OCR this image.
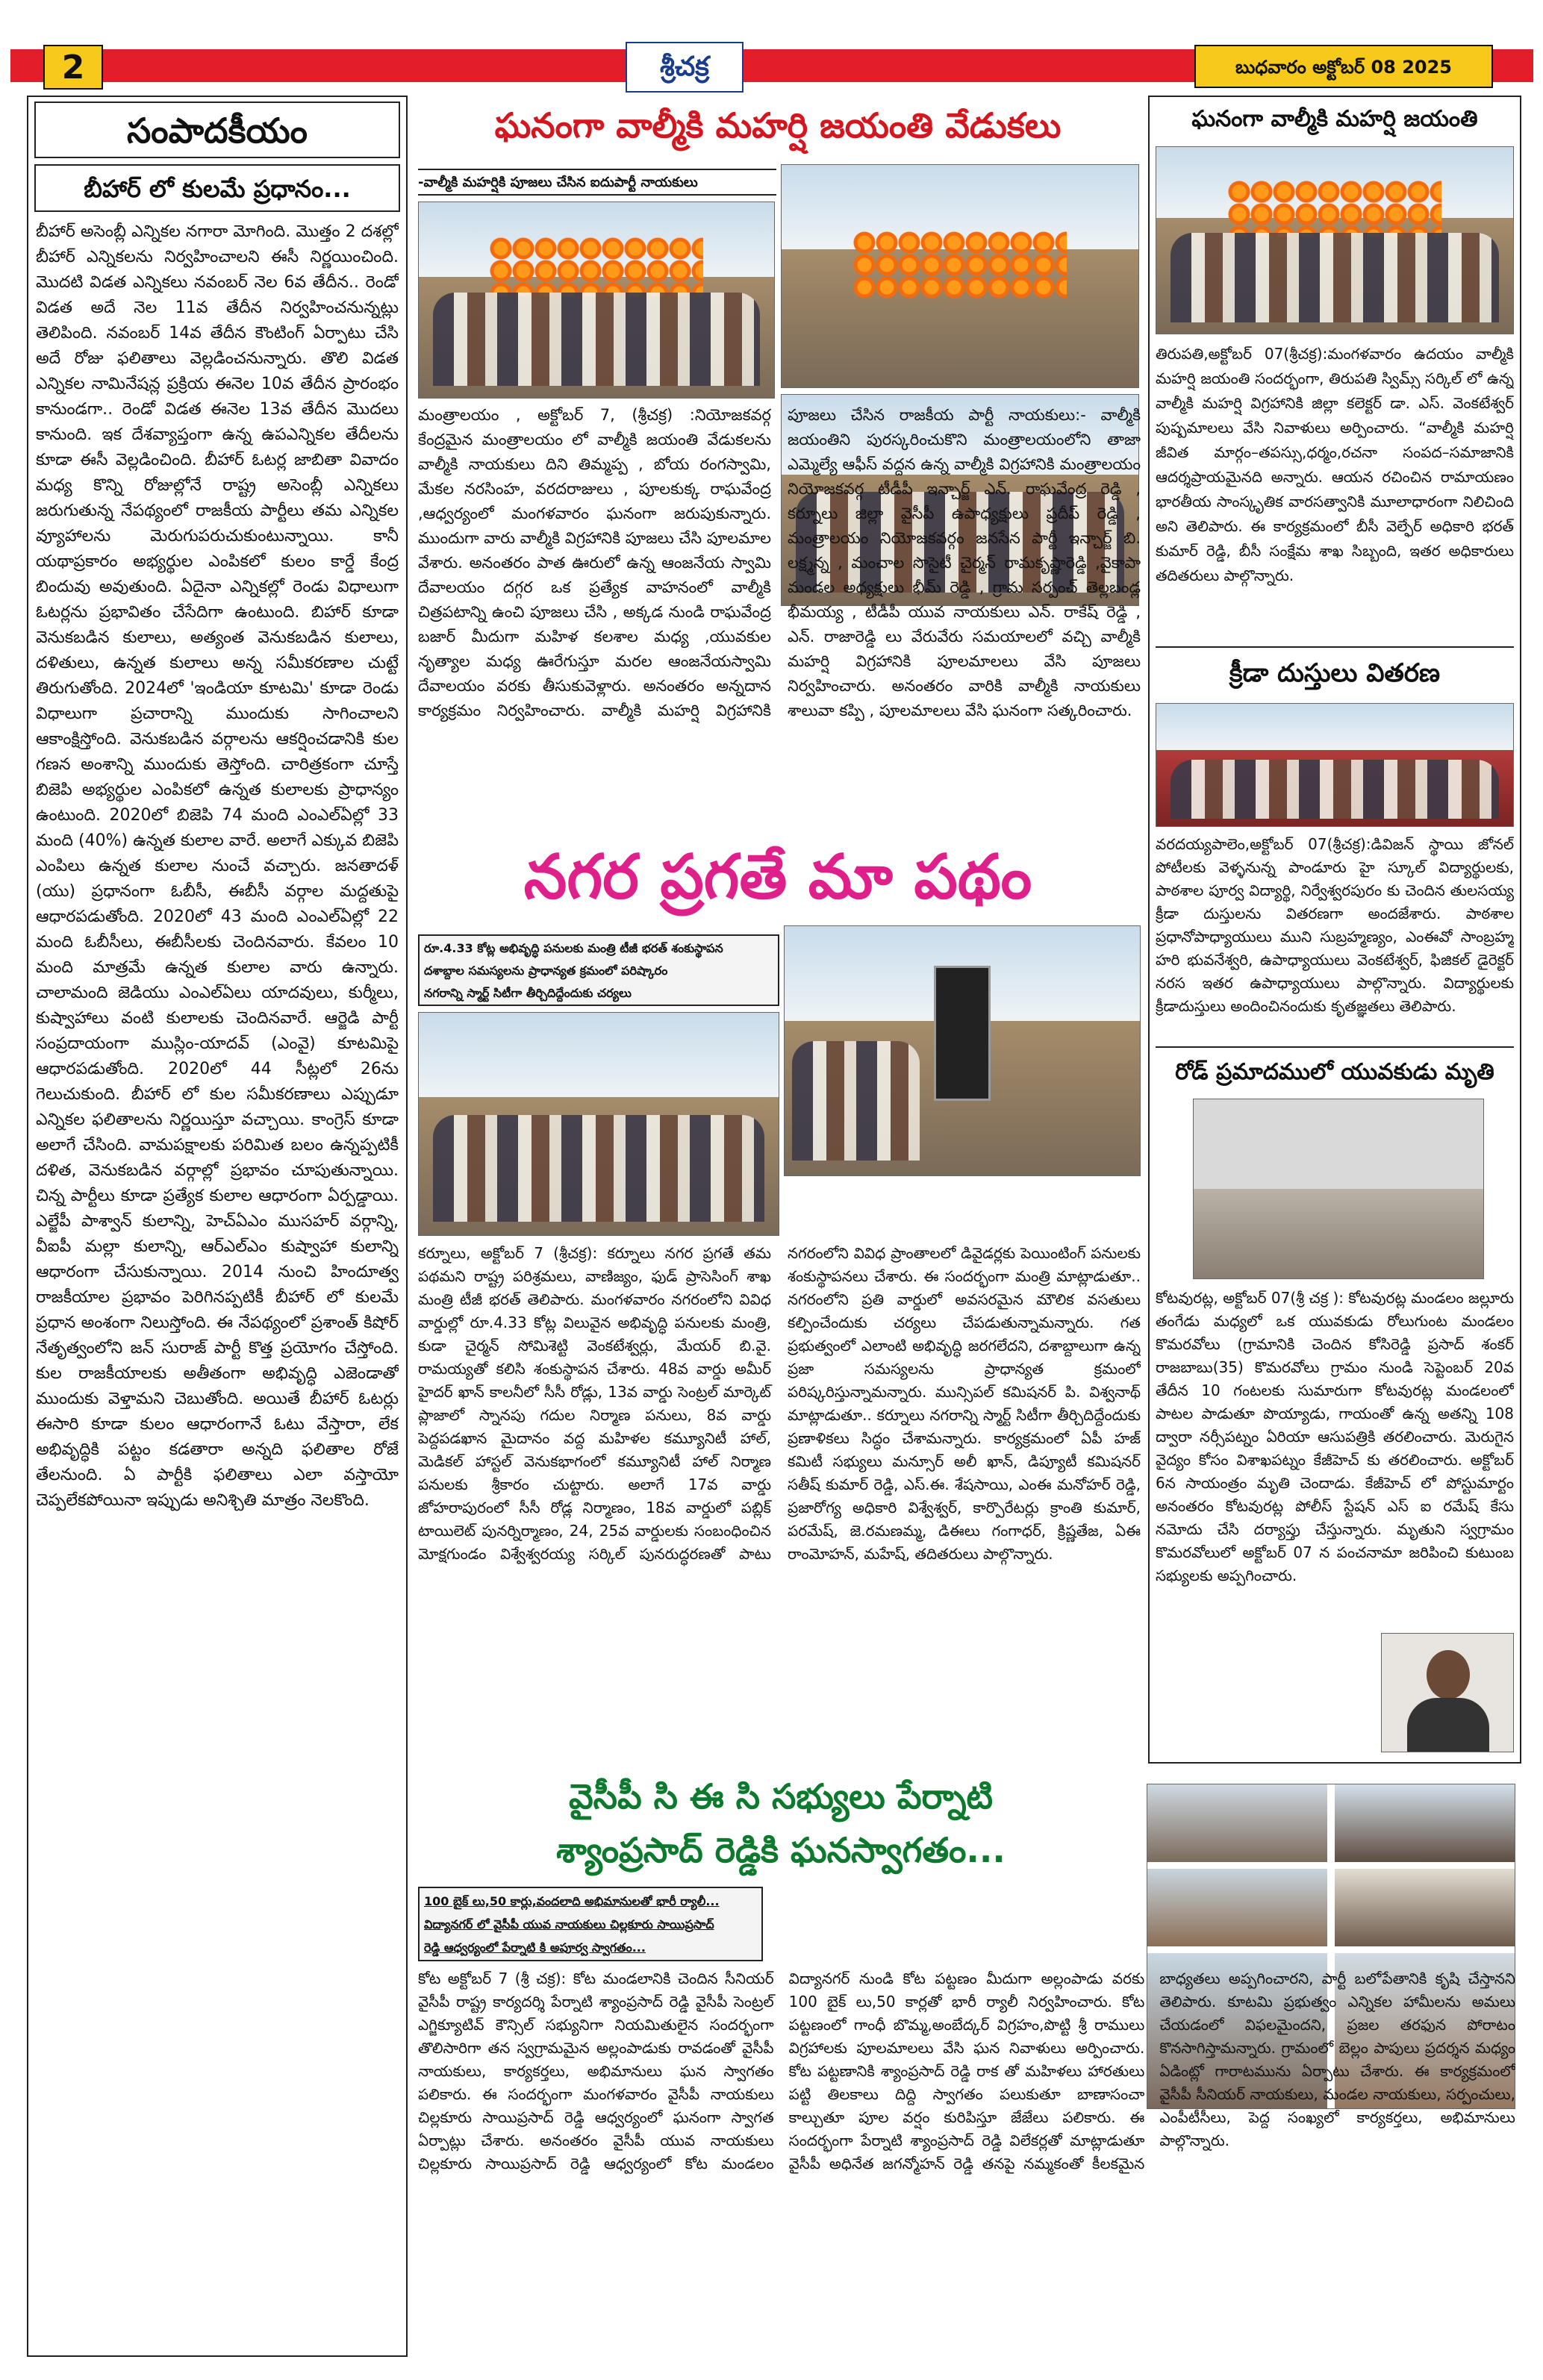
2	శ్రీచక్ర	బుధవారం అక్టోబర్ 08 2025
సంపాదకీయం
బీహార్ లో కులమే ప్రధానం...
బీహార్ అసెంబ్లీ ఎన్నికల నగారా మోగింది. మొత్తం 2 దశల్లో బీహార్ ఎన్నికలను నిర్వహించాలని ఈసీ నిర్ణయించింది. మొదటి విడత ఎన్నికలు నవంబర్ నెల 6వ తేదీన.. రెండో విడత అదే నెల 11వ తేదీన నిర్వహించనున్నట్లు తెలిపింది. నవంబర్ 14వ తేదీన కౌంటింగ్ ఏర్పాటు చేసి అదే రోజు ఫలితాలు వెల్లడించనున్నారు. తొలి విడత ఎన్నికల నామినేషన్ల ప్రక్రియ ఈనెల 10వ తేదీన ప్రారంభం కానుండగా.. రెండో విడత ఈనెల 13వ తేదీన మొదలు కానుంది. ఇక దేశవ్యాప్తంగా ఉన్న ఉపఎన్నికల తేదీలను కూడా ఈసీ వెల్లడించింది. బీహార్ ఓటర్ల జాబితా వివాదం మధ్య కొన్ని రోజుల్లోనే రాష్ట్ర అసెంబ్లీ ఎన్నికలు జరుగుతున్న నేపథ్యంలో రాజకీయ పార్టీలు తమ ఎన్నికల వ్యూహాలను మెరుగుపరుచుకుంటున్నాయి. కానీ యథాప్రకారం అభ్యర్థుల ఎంపికలో కులం కార్డే కేంద్ర బిందువు అవుతుంది. ఏదైనా ఎన్నికల్లో రెండు విధాలుగా ఓటర్లను ప్రభావితం చేసేదిగా ఉంటుంది. బిహార్ కూడా వెనుకబడిన కులాలు, అత్యంత వెనుకబడిన కులాలు, దళితులు, ఉన్నత కులాలు అన్న సమీకరణాల చుట్టే తిరుగుతోంది. 2024లో 'ఇండియా కూటమి' కూడా రెండు విధాలుగా ప్రచారాన్ని ముందుకు సాగించాలని ఆకాంక్షిస్తోంది. వెనుకబడిన వర్గాలను ఆకర్షించడానికి కుల గణన అంశాన్ని ముందుకు తెస్తోంది. చారిత్రకంగా చూస్తే బిజెపి అభ్యర్థుల ఎంపికలో ఉన్నత కులాలకు ప్రాధాన్యం ఉంటుంది. 2020లో బిజెపి 74 మంది ఎంఎల్ఏల్లో 33 మంది (40%) ఉన్నత కులాల వారే. అలాగే ఎక్కువ బిజెపి ఎంపిలు ఉన్నత కులాల నుంచే వచ్చారు. జనతాదళ్ (యు) ప్రధానంగా ఓబీసీ, ఈబీసీ వర్గాల మద్దతుపై ఆధారపడుతోంది. 2020లో 43 మంది ఎంఎల్ఏల్లో 22 మంది ఓబీసీలు, ఈబీసీలకు చెందినవారు. కేవలం 10 మంది మాత్రమే ఉన్నత కులాల వారు ఉన్నారు. చాలామంది జెడియు ఎంఎల్ఏలు యాదవులు, కుర్మీలు, కుష్వాహాలు వంటి కులాలకు చెందినవారే. ఆర్జెడి పార్టీ సంప్రదాయంగా ముస్లిం-యాదవ్ (ఎంవై) కూటమిపై ఆధారపడుతోంది. 2020లో 44 సీట్లలో 26ను గెలుచుకుంది. బీహార్ లో కుల సమీకరణాలు ఎప్పుడూ ఎన్నికల ఫలితాలను నిర్ణయిస్తూ వచ్చాయి. కాంగ్రెస్ కూడా అలాగే చేసింది. వామపక్షాలకు పరిమిత బలం ఉన్నప్పటికీ దళిత, వెనుకబడిన వర్గాల్లో ప్రభావం చూపుతున్నాయి. చిన్న పార్టీలు కూడా ప్రత్యేక కులాల ఆధారంగా ఏర్పడ్డాయి. ఎల్జేపీ పాశ్వాన్ కులాన్ని, హెచ్ఏఎం ముసహర్ వర్గాన్ని, వీఐపీ మల్లా కులాన్ని, ఆర్ఎల్ఎం కుష్వాహా కులాన్ని ఆధారంగా చేసుకున్నాయి. 2014 నుంచి హిందూత్వ రాజకీయాల ప్రభావం పెరిగినప్పటికీ బీహార్ లో కులమే ప్రధాన అంశంగా నిలుస్తోంది. ఈ నేపథ్యంలో ప్రశాంత్ కిషోర్ నేతృత్వంలోని జన్ సురాజ్ పార్టీ కొత్త ప్రయోగం చేస్తోంది. కుల రాజకీయాలకు అతీతంగా అభివృద్ధి ఎజెండాతో ముందుకు వెళ్తామని చెబుతోంది. అయితే బీహార్ ఓటర్లు ఈసారి కూడా కులం ఆధారంగానే ఓటు వేస్తారా, లేక అభివృద్ధికి పట్టం కడతారా అన్నది ఫలితాల రోజే తేలనుంది. ఏ పార్టీకి ఫలితాలు ఎలా వస్తాయో చెప్పలేకపోయినా ఇప్పుడు అనిశ్చితి మాత్రం నెలకొంది.
ఘనంగా వాల్మీకి మహర్షి జయంతి వేడుకలు
-వాల్మీకి మహర్షికి పూజలు చేసిన ఐదుపార్టీ నాయకులు
మంత్రాలయం , అక్టోబర్ 7, (శ్రీచక్ర) :నియోజకవర్గ కేంద్రమైన మంత్రాలయం లో వాల్మీకి జయంతి వేడుకలను వాల్మీకి నాయకులు దిని తిమ్మప్ప , బోయ రంగస్వామి, మేకల నరసింహ, వరదరాజులు , పూలకుక్క రాఘవేంద్ర ,ఆధ్వర్యంలో మంగళవారం ఘనంగా జరుపుకున్నారు. ముందుగా వారు వాల్మీకి విగ్రహానికి పూజలు చేసి పూలమాల వేశారు. అనంతరం పాత ఊరులో ఉన్న ఆంజనేయ స్వామి దేవాలయం దగ్గర ఒక ప్రత్యేక వాహనంలో వాల్మీకి చిత్రపటాన్ని ఉంచి పూజలు చేసి , అక్కడ నుండి రాఘవేంద్ర బజార్ మీదుగా మహిళ కలశాల మధ్య ,యువకుల నృత్యాల మధ్య ఊరేగుస్తూ మరల ఆంజనేయస్వామి దేవాలయం వరకు తీసుకువెళ్లారు. అనంతరం అన్నదాన కార్యక్రమం నిర్వహించారు. వాల్మీకి మహర్షి విగ్రహానికి పూజలు చేసిన రాజకీయ పార్టీ నాయకులు:- వాల్మీకి జయంతిని పురస్కరించుకొని మంత్రాలయంలోని తాజా ఎమ్మెల్యే ఆఫీస్ వద్దన ఉన్న వాల్మీకి విగ్రహానికి మంత్రాలయం నియోజకవర్గ టీడీపీ ఇన్చార్జ్ ఎన్. రాఘవేంద్ర రెడ్డి , కర్నూలు జిల్లా వైసీపీ ఉపాధ్యక్షులు ప్రదీప్ రెడ్డి , మంత్రాలయం నియోజకవర్గం జనసేన పార్టీ ఇన్చార్జ్ బి. లక్ష్మన్న , మంచాల సొసైటీ చైర్మన్ రామకృష్ణారెడ్డి ,వైకాపా మండల అధ్యక్షులు భీమ్ రెడ్డి , గ్రామ సర్పంచ్ తెల్లబండ్ల భీమయ్య , టీడీపీ యువ నాయకులు ఎన్. రాకేష్ రెడ్డి , ఎన్. రాజారెడ్డి లు వేరువేరు సమయాలలో వచ్చి వాల్మీకి మహర్షి విగ్రహానికి పూలమాలలు వేసి పూజలు నిర్వహించారు. అనంతరం వారికి వాల్మీకి నాయకులు శాలువా కప్పి , పూలమాలలు వేసి ఘనంగా సత్కరించారు.
ఘనంగా వాల్మీకి మహర్షి జయంతి
తిరుపతి,అక్టోబర్ 07(శ్రీచక్ర):మంగళవారం ఉదయం వాల్మీకి మహర్షి జయంతి సందర్భంగా, తిరుపతి స్విమ్స్ సర్కిల్ లో ఉన్న వాల్మీకి మహర్షి విగ్రహానికి జిల్లా కలెక్టర్ డా. ఎస్. వెంకటేశ్వర్ పుష్పమాలలు వేసి నివాళులు అర్పించారు. “వాల్మీకి మహర్షి జీవిత మార్గం–తపస్సు,ధర్మం,రచనా సంపద–సమాజానికి ఆదర్శప్రాయమైనది అన్నారు. ఆయన రచించిన రామాయణం భారతీయ సాంస్కృతిక వారసత్వానికి మూలాధారంగా నిలిచింది అని తెలిపారు. ఈ కార్యక్రమంలో బీసీ వెల్ఫేర్ అధికారి భరత్ కుమార్ రెడ్డి, బీసీ సంక్షేమ శాఖ సిబ్బంది, ఇతర అధికారులు తదితరులు పాల్గొన్నారు.
క్రీడా దుస్తులు వితరణ
వరదయ్యపాలెం,అక్టోబర్ 07(శ్రీచక్ర):డివిజన్ స్థాయి జోనల్ పోటీలకు వెళ్ళనున్న పాండూరు హై స్కూల్ విద్యార్థులకు, పాఠశాల పూర్వ విద్యార్థి, నిర్వేశ్వరపురం కు చెందిన తులసయ్య క్రీడా దుస్తులను వితరణగా అందజేశారు. పాఠశాల ప్రధానోపాధ్యాయులు ముని సుబ్రహ్మణ్యం, ఎంఈవో సాంబ్రహ్మ హరి భువనేశ్వరి, ఉపాధ్యాయులు వెంకటేశ్వర్, ఫిజికల్ డైరెక్టర్ నరస ఇతర ఉపాధ్యాయులు పాల్గొన్నారు. విద్యార్థులకు క్రీడాదుస్తులు అందించినందుకు కృతజ్ఞతలు తెలిపారు.
రోడ్ ప్రమాదములో యువకుడు మృతి
కోటవురట్ల, అక్టోబర్ 07(శ్రీ చక్ర ): కోటవురట్ల మండలం జల్లూరు తంగేడు మధ్యలో ఒక యువకుడు రోలుగుంట మండలం కొమరవోలు (గ్రామానికి చెందిన కోసిరెడ్డి ప్రసాద్ శంకర్ రాజబాబు(35) కొమరవోలు గ్రామం నుండి సెప్టెంబర్ 20వ తేదీన 10 గంటలకు సుమారుగా కోటవురట్ల మండలంలో పాటల పాడుతూ పొయ్యాడు, గాయంతో ఉన్న అతన్ని 108 ద్వారా నర్సీపట్నం ఏరియా ఆసుపత్రికి తరలించారు. మెరుగైన వైద్యం కోసం విశాఖపట్నం కేజీహెచ్ కు తరలించారు. అక్టోబర్ 6న సాయంత్రం మృతి చెందాడు. కేజీహెచ్ లో పోస్టుమార్టం అనంతరం కోటవురట్ల పోలీస్ స్టేషన్ ఎస్ ఐ రమేష్ కేసు నమోదు చేసి దర్యాప్తు చేస్తున్నారు. మృతుని స్వగ్రామం కొమరవోలులో అక్టోబర్ 07 న పంచనామా జరిపించి కుటుంబ సభ్యులకు అప్పగించారు.
నగర ప్రగతే మా పథం
రూ.4.33 కోట్ల అభివృద్ధి పనులకు మంత్రి టీజీ భరత్ శంకుస్థాపన
దశాబ్దాల సమస్యలను ప్రాధాన్యత క్రమంలో పరిష్కారం
నగరాన్ని స్మార్ట్ సిటీగా తీర్చిదిద్దేందుకు చర్యలు
కర్నూలు, అక్టోబర్ 7 (శ్రీచక్ర): కర్నూలు నగర ప్రగతే తమ పథమని రాష్ట్ర పరిశ్రమలు, వాణిజ్యం, ఫుడ్ ప్రాసెసింగ్ శాఖ మంత్రి టీజీ భరత్ తెలిపారు. మంగళవారం నగరంలోని వివిధ వార్డుల్లో రూ.4.33 కోట్ల విలువైన అభివృద్ధి పనులకు మంత్రి, కుడా చైర్మన్ సోమిశెట్టి వెంకటేశ్వర్లు, మేయర్ బి.వై. రామయ్యతో కలిసి శంకుస్థాపన చేశారు. 48వ వార్డు అమీర్ హైదర్ ఖాన్ కాలనీలో సీసీ రోడ్లు, 13వ వార్డు సెంట్రల్ మార్కెట్ ప్లాజాలో స్నానపు గదుల నిర్మాణ పనులు, 8వ వార్డు పెద్దపడఖాన మైదానం వద్ద మహిళల కమ్యూనిటీ హాల్, మెడికల్ హాస్టల్ వెనుకభాగంలో కమ్యూనిటీ హాల్ నిర్మాణ పనులకు శ్రీకారం చుట్టారు. అలాగే 17వ వార్డు జోహరాపురంలో సీసీ రోడ్ల నిర్మాణం, 18వ వార్డులో పబ్లిక్ టాయిలెట్ పునర్నిర్మాణం, 24, 25వ వార్డులకు సంబంధించిన మోక్షగుండం విశ్వేశ్వరయ్య సర్కిల్ పునరుద్ధరణతో పాటు నగరంలోని వివిధ ప్రాంతాలలో డివైడర్లకు పెయింటింగ్ పనులకు శంకుస్థాపనలు చేశారు. ఈ సందర్భంగా మంత్రి మాట్లాడుతూ.. నగరంలోని ప్రతి వార్డులో అవసరమైన మౌలిక వసతులు కల్పించేందుకు చర్యలు చేపడుతున్నామన్నారు. గత ప్రభుత్వంలో ఎలాంటి అభివృద్ధి జరగలేదని, దశాబ్దాలుగా ఉన్న ప్రజా సమస్యలను ప్రాధాన్యత క్రమంలో పరిష్కరిస్తున్నామన్నారు. మున్సిపల్ కమిషనర్ పి. విశ్వనాథ్ మాట్లాడుతూ.. కర్నూలు నగరాన్ని స్మార్ట్ సిటీగా తీర్చిదిద్దేందుకు ప్రణాళికలు సిద్ధం చేశామన్నారు. కార్యక్రమంలో ఏపీ హజ్ కమిటీ సభ్యులు మన్సూర్ అలీ ఖాన్, డిప్యూటీ కమిషనర్ సతీష్ కుమార్ రెడ్డి, ఎస్.ఈ. శేషసాయి, ఎంఈ మనోహర్ రెడ్డి, ప్రజారోగ్య అధికారి విశ్వేశ్వర్, కార్పొరేటర్లు క్రాంతి కుమార్, పరమేష్, జె.రమణమ్మ, డిఈలు గంగాధర్, క్రిష్ణతేజ, ఏఈ రాంమోహన్, మహేష్, తదితరులు పాల్గొన్నారు.
వైసీపీ సి ఈ సి సభ్యులు పేర్నాటి
శ్యాంప్రసాద్ రెడ్డికి ఘనస్వాగతం...
100 బైక్ లు,50 కార్లు,వందలాది అభిమానులతో భారీ ర్యాలీ...
విద్యానగర్ లో వైసీపీ యువ నాయకులు చిల్లకూరు సాయిప్రసాద్
రెడ్డి ఆధ్వర్యంలో పేర్నాటి కి అపూర్వ స్వాగతం...
కోట అక్టోబర్ 7 (శ్రీ చక్ర): కోట మండలానికి చెందిన సీనియర్ వైసీపీ రాష్ట్ర కార్యదర్శి పేర్నాటి శ్యాంప్రసాద్ రెడ్డి వైసీపీ సెంట్రల్ ఎగ్జిక్యూటివ్ కౌన్సిల్ సభ్యునిగా నియమితులైన సందర్భంగా తొలిసారిగా తన స్వగ్రామమైన అల్లంపాడుకు రావడంతో వైసీపీ నాయకులు, కార్యకర్తలు, అభిమానులు ఘన స్వాగతం పలికారు. ఈ సందర్భంగా మంగళవారం వైసీపీ నాయకులు చిల్లకూరు సాయిప్రసాద్ రెడ్డి ఆధ్వర్యంలో ఘనంగా స్వాగత ఏర్పాట్లు చేశారు. అనంతరం వైసీపీ యువ నాయకులు చిల్లకూరు సాయిప్రసాద్ రెడ్డి ఆధ్వర్యంలో కోట మండలం విద్యానగర్ నుండి కోట పట్టణం మీదుగా అల్లంపాడు వరకు 100 బైక్ లు,50 కార్లతో భారీ ర్యాలీ నిర్వహించారు. కోట పట్టణంలో గాంధీ బొమ్మ,అంబేద్కర్ విగ్రహం,పొట్టి శ్రీ రాములు విగ్రహాలకు పూలమాలలు వేసి ఘన నివాళులు అర్పించారు. కోట పట్టణానికి శ్యాంప్రసాద్ రెడ్డి రాక తో మహిళలు హారతులు పట్టి తిలకాలు దిద్ది స్వాగతం పలుకుతూ బాణాసంచా కాల్చుతూ పూల వర్షం కురిపిస్తూ జేజేలు పలికారు. ఈ సందర్భంగా పేర్నాటి శ్యాంప్రసాద్ రెడ్డి విలేకర్లతో మాట్లాడుతూ వైసీపీ అధినేత జగన్మోహన్ రెడ్డి తనపై నమ్మకంతో కీలకమైన బాధ్యతలు అప్పగించారని, పార్టీ బలోపేతానికి కృషి చేస్తానని తెలిపారు. కూటమి ప్రభుత్వం ఎన్నికల హామీలను అమలు చేయడంలో విఫలమైందని, ప్రజల తరఫున పోరాటం కొనసాగిస్తామన్నారు. గ్రామంలో బెల్లం పాపులు ప్రదర్శన మధ్యం ఏడింట్లో గారాటమును ఏర్పాటు చేశారు. ఈ కార్యక్రమంలో వైసీపీ సీనియర్ నాయకులు, మండల నాయకులు, సర్పంచులు, ఎంపీటీసీలు, పెద్ద సంఖ్యలో కార్యకర్తలు, అభిమానులు పాల్గొన్నారు.
